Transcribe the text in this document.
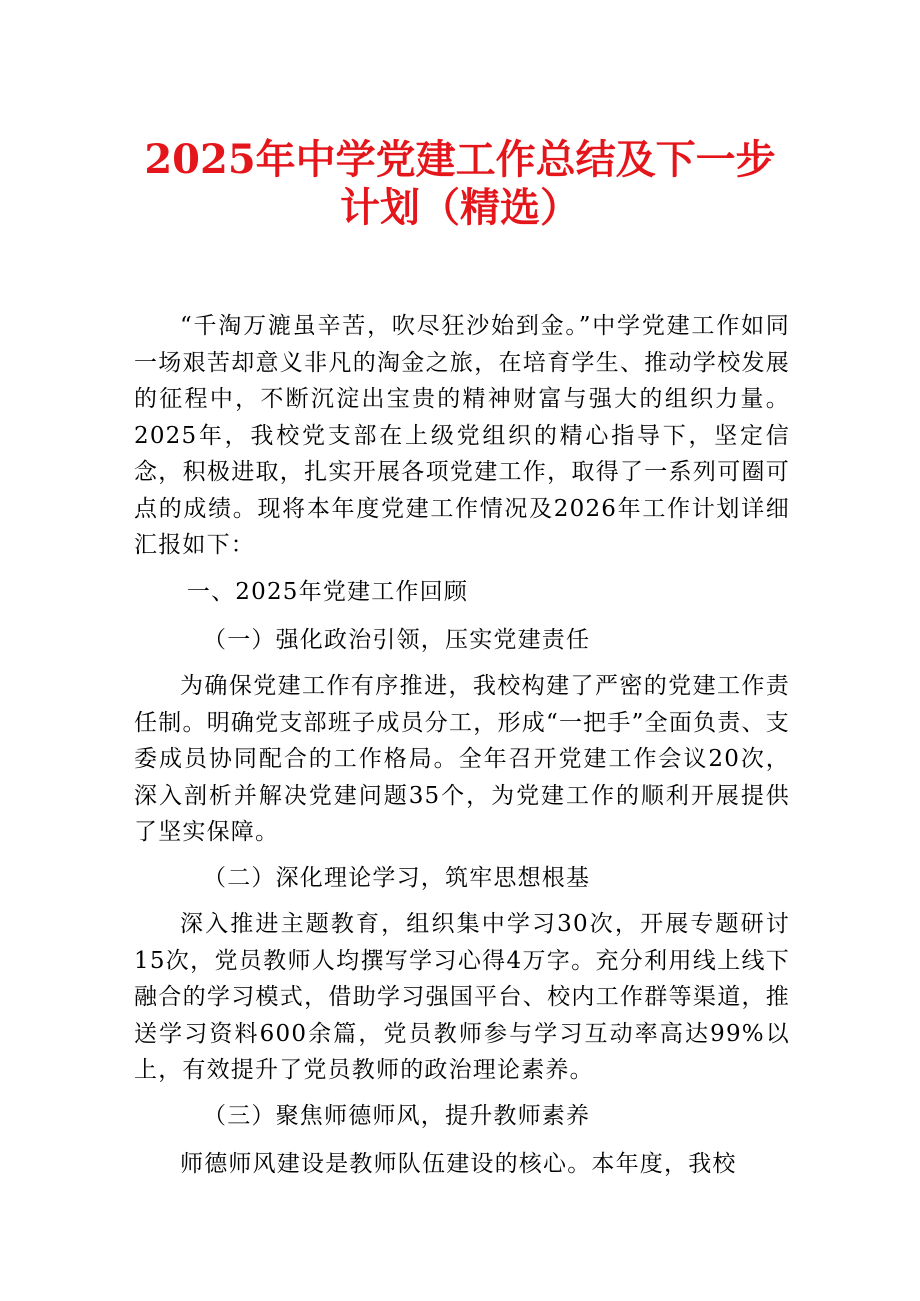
2025年中学党建工作总结及下一步
计划（精选）

“千淘万漉虽辛苦，吹尽狂沙始到金。”中学党建工作如同一场艰苦却意义非凡的淘金之旅，在培育学生、推动学校发展的征程中，不断沉淀出宝贵的精神财富与强大的组织力量。2025年，我校党支部在上级党组织的精心指导下，坚定信念，积极进取，扎实开展各项党建工作，取得了一系列可圈可点的成绩。现将本年度党建工作情况及2026年工作计划详细汇报如下：

一、2025年党建工作回顾

（一）强化政治引领，压实党建责任

为确保党建工作有序推进，我校构建了严密的党建工作责任制。明确党支部班子成员分工，形成“一把手”全面负责、支委成员协同配合的工作格局。全年召开党建工作会议20次，深入剖析并解决党建问题35个，为党建工作的顺利开展提供了坚实保障。

（二）深化理论学习，筑牢思想根基

深入推进主题教育，组织集中学习30次，开展专题研讨15次，党员教师人均撰写学习心得4万字。充分利用线上线下融合的学习模式，借助学习强国平台、校内工作群等渠道，推送学习资料600余篇，党员教师参与学习互动率高达99%以上，有效提升了党员教师的政治理论素养。

（三）聚焦师德师风，提升教师素养

师德师风建设是教师队伍建设的核心。本年度，我校
